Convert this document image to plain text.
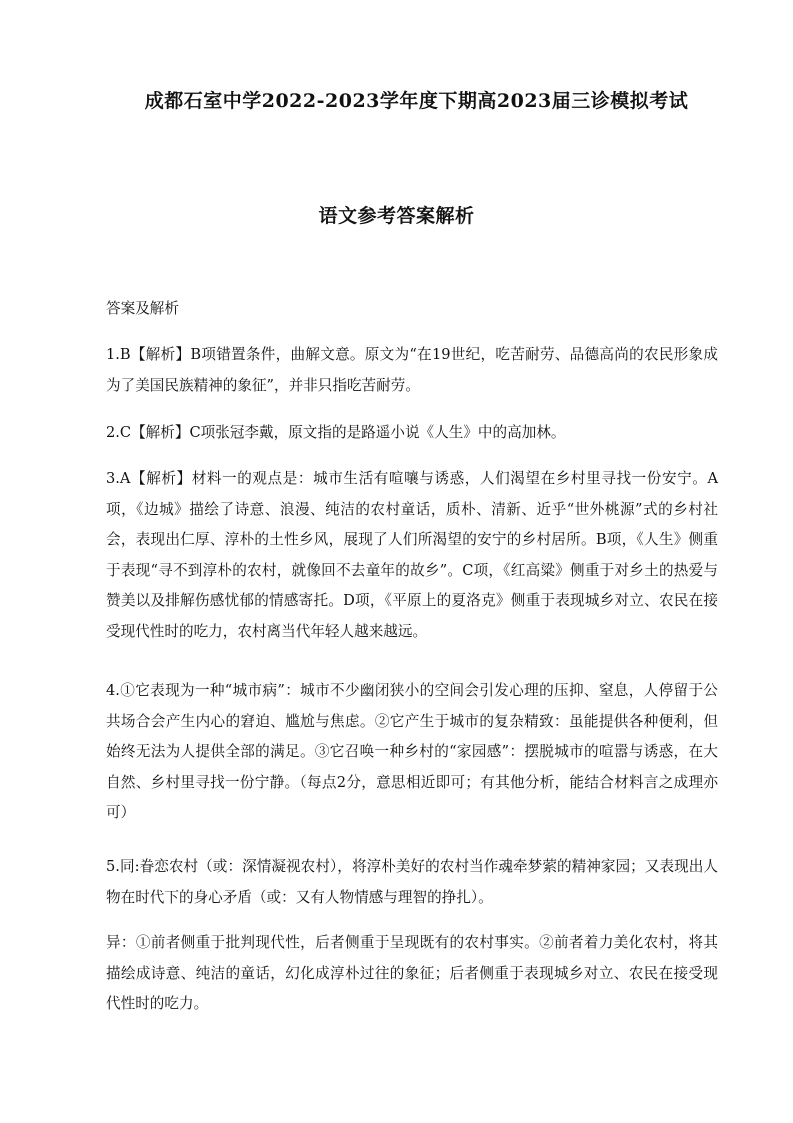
成都石室中学2022-2023学年度下期高2023届三诊模拟考试
语文参考答案解析

答案及解析

1.B【解析】B项错置条件，曲解文意。原文为“在19世纪，吃苦耐劳、品德高尚的农民形象成为了美国民族精神的象征”，并非只指吃苦耐劳。

2.C【解析】C项张冠李戴，原文指的是路遥小说《人生》中的高加林。

3.A【解析】材料一的观点是：城市生活有喧嚷与诱惑，人们渴望在乡村里寻找一份安宁。A项，《边城》描绘了诗意、浪漫、纯洁的农村童话，质朴、清新、近乎“世外桃源”式的乡村社会，表现出仁厚、淳朴的土性乡风，展现了人们所渴望的安宁的乡村居所。B项，《人生》侧重于表现“寻不到淳朴的农村，就像回不去童年的故乡”。C项，《红高粱》侧重于对乡土的热爱与赞美以及排解伤感忧郁的情感寄托。D项，《平原上的夏洛克》侧重于表现城乡对立、农民在接受现代性时的吃力，农村离当代年轻人越来越远。

4.①它表现为一种“城市病”：城市不少幽闭狭小的空间会引发心理的压抑、窒息，人停留于公共场合会产生内心的窘迫、尴尬与焦虑。②它产生于城市的复杂精致：虽能提供各种便利，但始终无法为人提供全部的满足。③它召唤一种乡村的“家园感”：摆脱城市的喧嚣与诱惑，在大自然、乡村里寻找一份宁静。（每点2分，意思相近即可；有其他分析，能结合材料言之成理亦可）

5.同:眷恋农村（或：深情凝视农村），将淳朴美好的农村当作魂牵梦萦的精神家园；又表现出人物在时代下的身心矛盾（或：又有人物情感与理智的挣扎）。

异：①前者侧重于批判现代性，后者侧重于呈现既有的农村事实。②前者着力美化农村，将其描绘成诗意、纯洁的童话，幻化成淳朴过往的象征；后者侧重于表现城乡对立、农民在接受现代性时的吃力。
